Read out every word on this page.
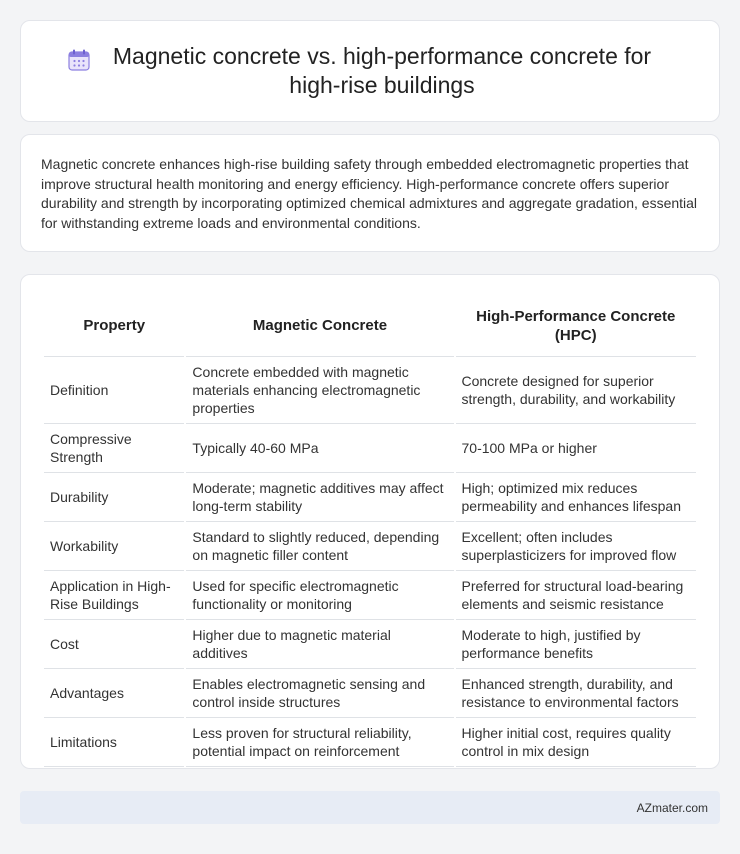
Magnetic concrete vs. high-performance concrete for high-rise buildings

Magnetic concrete enhances high-rise building safety through embedded electromagnetic properties that improve structural health monitoring and energy efficiency. High-performance concrete offers superior durability and strength by incorporating optimized chemical admixtures and aggregate gradation, essential for withstanding extreme loads and environmental conditions.

Property	Magnetic Concrete	High-Performance Concrete (HPC)
Definition	Concrete embedded with magnetic materials enhancing electromagnetic properties	Concrete designed for superior strength, durability, and workability
Compressive Strength	Typically 40-60 MPa	70-100 MPa or higher
Durability	Moderate; magnetic additives may affect long-term stability	High; optimized mix reduces permeability and enhances lifespan
Workability	Standard to slightly reduced, depending on magnetic filler content	Excellent; often includes superplasticizers for improved flow
Application in High-Rise Buildings	Used for specific electromagnetic functionality or monitoring	Preferred for structural load-bearing elements and seismic resistance
Cost	Higher due to magnetic material additives	Moderate to high, justified by performance benefits
Advantages	Enables electromagnetic sensing and control inside structures	Enhanced strength, durability, and resistance to environmental factors
Limitations	Less proven for structural reliability, potential impact on reinforcement	Higher initial cost, requires quality control in mix design
AZmater.com
